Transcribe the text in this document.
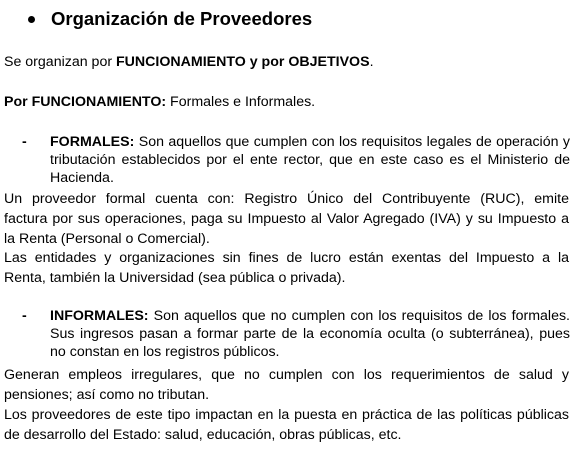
Organización de Proveedores
Se organizan por FUNCIONAMIENTO y por OBJETIVOS.
Por FUNCIONAMIENTO: Formales e Informales.
-	FORMALES: Son aquellos que cumplen con los requisitos legales de operación y
tributación establecidos por el ente rector, que en este caso es el Ministerio de
Hacienda.
Un proveedor formal cuenta con: Registro Único del Contribuyente (RUC), emite
factura por sus operaciones, paga su Impuesto al Valor Agregado (IVA) y su Impuesto a
la Renta (Personal o Comercial).
Las entidades y organizaciones sin fines de lucro están exentas del Impuesto a la
Renta, también la Universidad (sea pública o privada).
-	INFORMALES: Son aquellos que no cumplen con los requisitos de los formales.
Sus ingresos pasan a formar parte de la economía oculta (o subterránea), pues
no constan en los registros públicos.
Generan empleos irregulares, que no cumplen con los requerimientos de salud y
pensiones; así como no tributan.
Los proveedores de este tipo impactan en la puesta en práctica de las políticas públicas
de desarrollo del Estado: salud, educación, obras públicas, etc.
